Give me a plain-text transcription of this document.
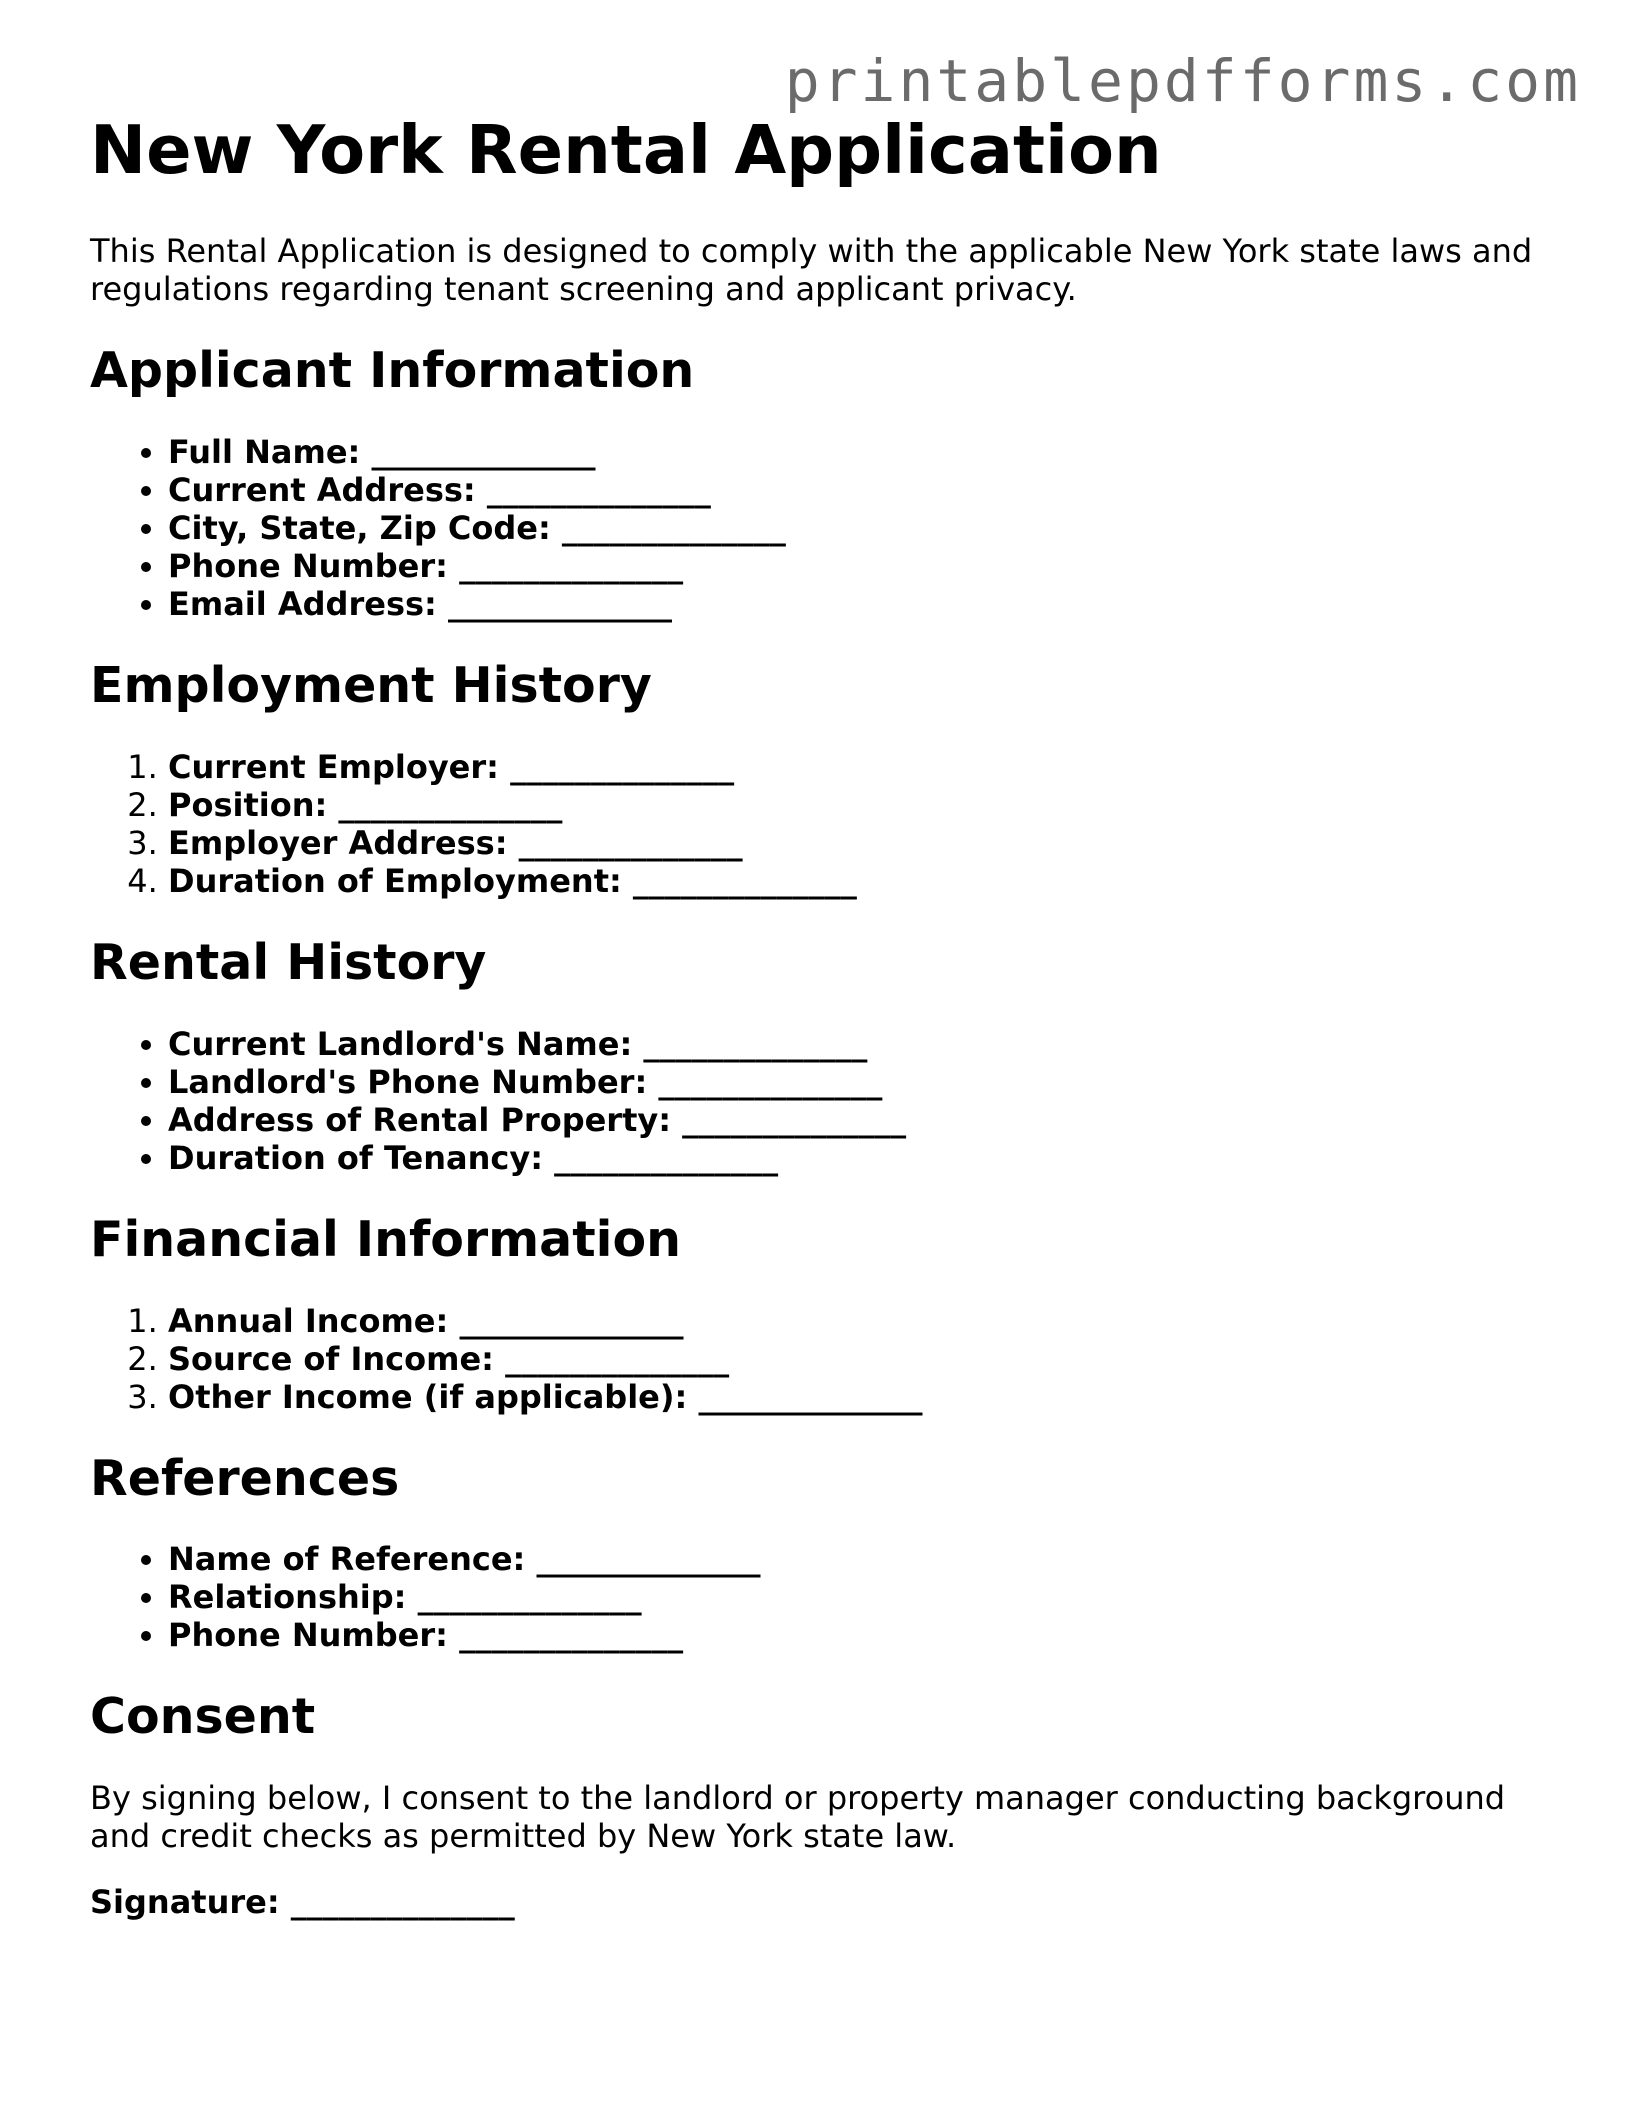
printablepdfforms.com
New York Rental Application

This Rental Application is designed to comply with the applicable New York state laws and regulations regarding tenant screening and applicant privacy.

Applicant Information
• Full Name: ______________
• Current Address: ______________
• City, State, Zip Code: ______________
• Phone Number: ______________
• Email Address: ______________
Employment History
1. Current Employer: ______________
2. Position: ______________
3. Employer Address: ______________
4. Duration of Employment: ______________
Rental History
• Current Landlord's Name: ______________
• Landlord's Phone Number: ______________
• Address of Rental Property: ______________
• Duration of Tenancy: ______________
Financial Information
1. Annual Income: ______________
2. Source of Income: ______________
3. Other Income (if applicable): ______________
References
• Name of Reference: ______________
• Relationship: ______________
• Phone Number: ______________
Consent

By signing below, I consent to the landlord or property manager conducting background and credit checks as permitted by New York state law.

Signature: ______________
